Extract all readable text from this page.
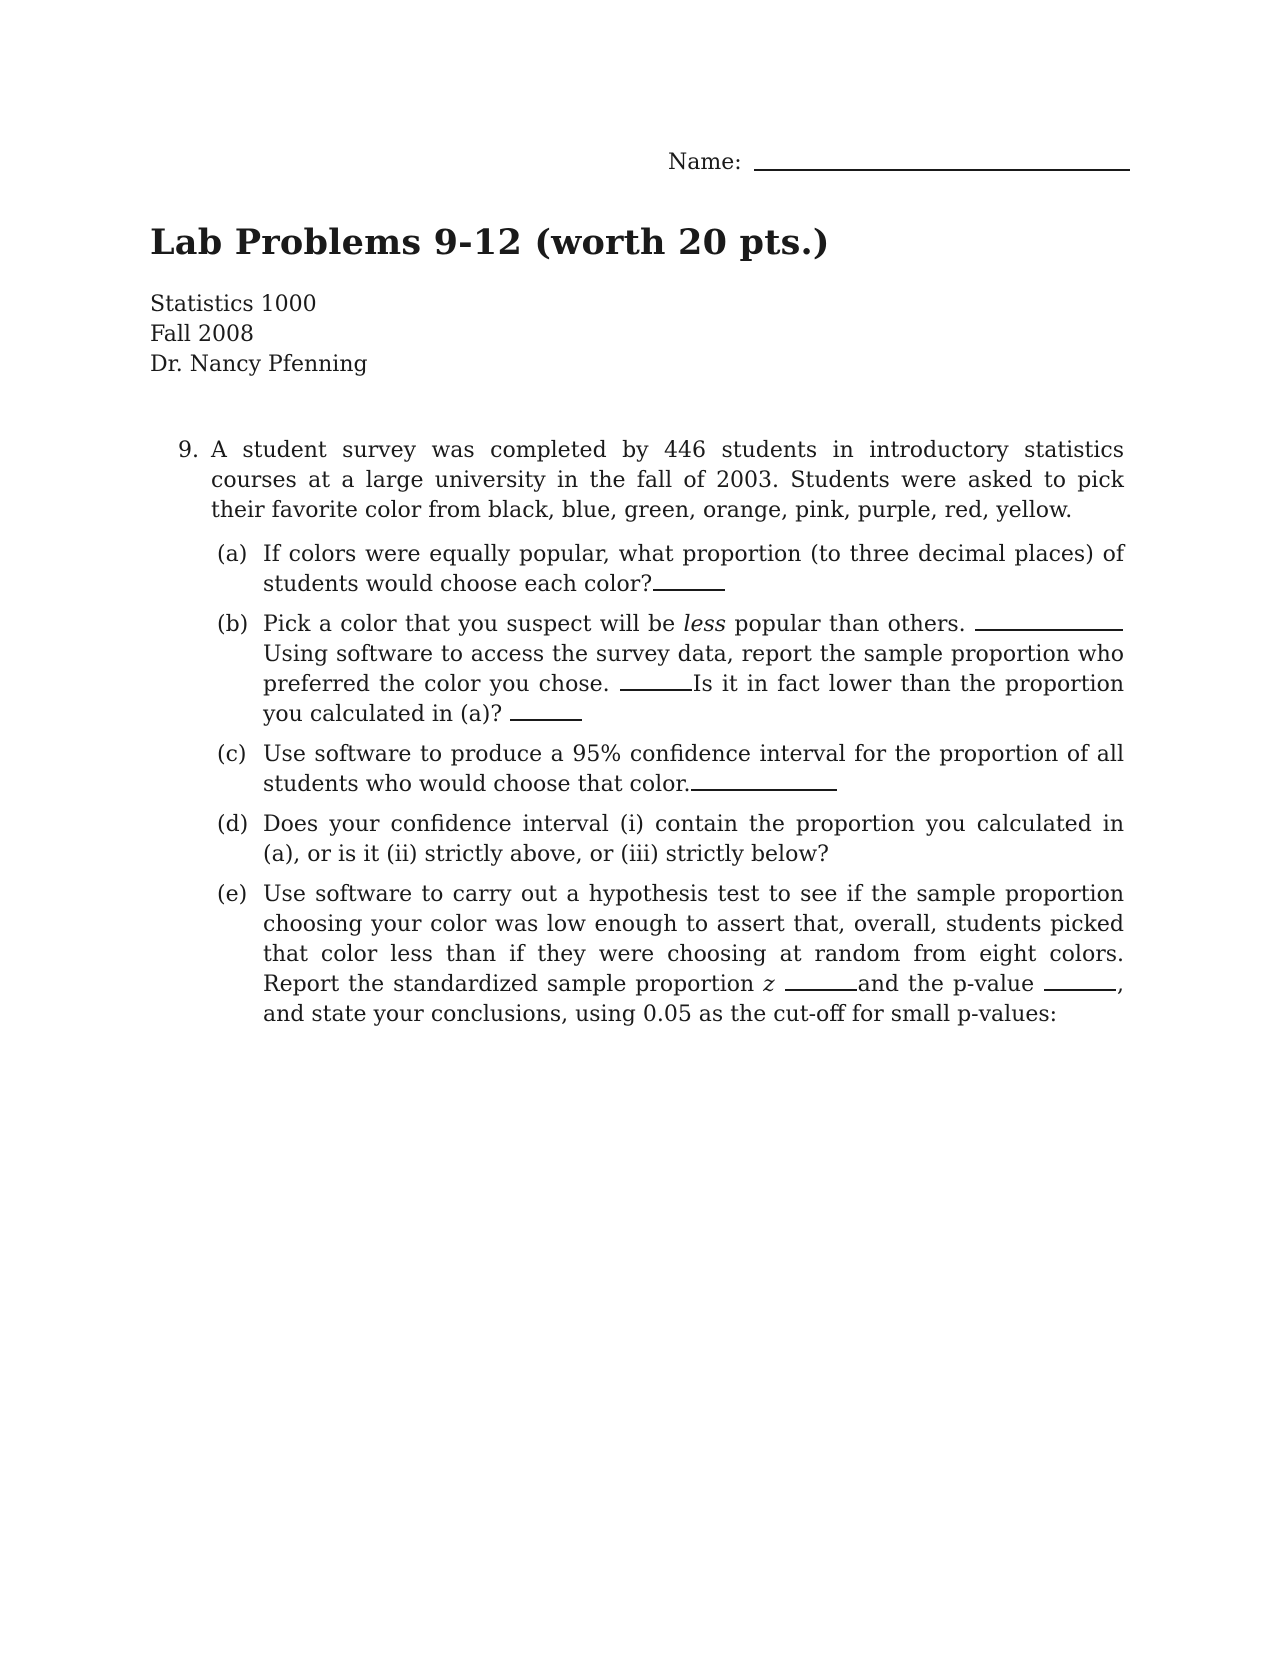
Name:
Lab Problems 9-12 (worth 20 pts.)
Statistics 1000
Fall 2008
Dr. Nancy Pfenning
9. A student survey was completed by 446 students in introductory statistics courses at a large university in the fall of 2003. Students were asked to pick their favorite color from black, blue, green, orange, pink, purple, red, yellow.
(a) If colors were equally popular, what proportion (to three decimal places) of students would choose each color?
(b) Pick a color that you suspect will be less popular than others. Using software to access the survey data, report the sample proportion who preferred the color you chose.	Is it in fact lower than the proportion you calculated in (a)?
(c) Use software to produce a 95% confidence interval for the proportion of all students who would choose that color.
(d) Does your confidence interval (i) contain the proportion you calculated in (a), or is it (ii) strictly above, or (iii) strictly below?
(e) Use software to carry out a hypothesis test to see if the sample proportion choosing your color was low enough to assert that, overall, students picked that color less than if they were choosing at random from eight colors. Report the standardized sample proportion z	and the p-value	, and state your conclusions, using 0.05 as the cut-off for small p-values:
